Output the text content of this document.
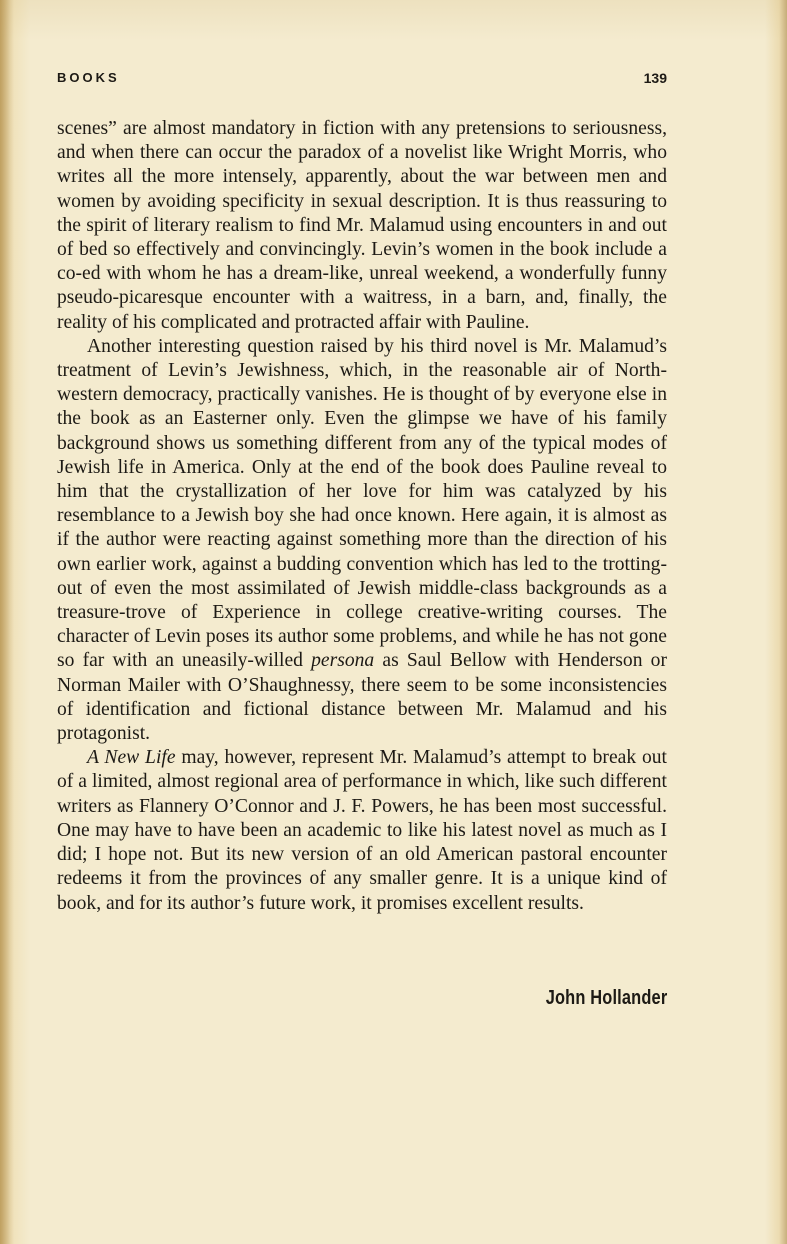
BOOKS	139

scenes” are almost mandatory in fiction with any pretensions to seriousness, and when there can occur the paradox of a novelist like Wright Morris, who writes all the more intensely, apparently, about the war between men and women by avoiding specificity in sexual description. It is thus reassuring to the spirit of literary realism to find Mr. Malamud using encounters in and out of bed so effectively and convincingly. Levin’s women in the book include a co-ed with whom he has a dream-like, unreal weekend, a wonderfully funny pseudo-picaresque encounter with a waitress, in a barn, and, finally, the reality of his complicated and protracted affair with Pauline.

Another interesting question raised by his third novel is Mr. Malamud’s treatment of Levin’s Jewishness, which, in the reasonable air of North-western democracy, practically vanishes. He is thought of by everyone else in the book as an Easterner only. Even the glimpse we have of his family background shows us something different from any of the typical modes of Jewish life in America. Only at the end of the book does Pauline reveal to him that the crystallization of her love for him was catalyzed by his resemblance to a Jewish boy she had once known. Here again, it is almost as if the author were reacting against something more than the direction of his own earlier work, against a budding convention which has led to the trotting-out of even the most assimilated of Jewish middle-class backgrounds as a treasure-trove of Experience in college creative-writing courses. The character of Levin poses its author some problems, and while he has not gone so far with an uneasily-willed persona as Saul Bellow with Henderson or Norman Mailer with O’Shaughnessy, there seem to be some inconsistencies of identification and fictional distance between Mr. Malamud and his protagonist.

A New Life may, however, represent Mr. Malamud’s attempt to break out of a limited, almost regional area of performance in which, like such different writers as Flannery O’Connor and J. F. Powers, he has been most successful. One may have to have been an academic to like his latest novel as much as I did; I hope not. But its new version of an old American pastoral encounter redeems it from the provinces of any smaller genre. It is a unique kind of book, and for its author’s future work, it promises excellent results.

John Hollander
